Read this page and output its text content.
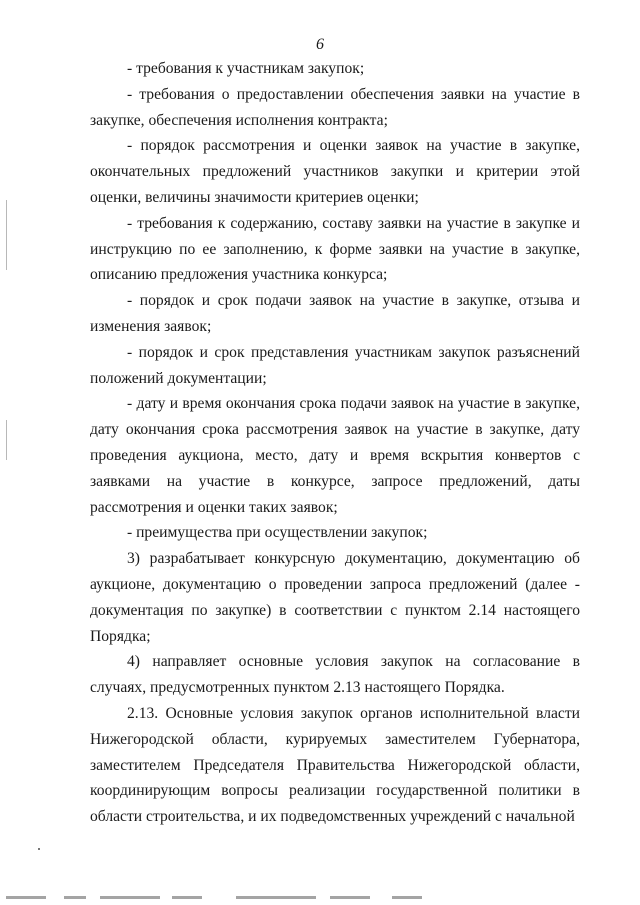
6

- требования к участникам закупок;

- требования о предоставлении обеспечения заявки на участие в закупке, обеспечения исполнения контракта;

- порядок рассмотрения и оценки заявок на участие в закупке, окончательных предложений участников закупки и критерии этой оценки, величины значимости критериев оценки;

- требования к содержанию, составу заявки на участие в закупке и инструкцию по ее заполнению, к форме заявки на участие в закупке, описанию предложения участника конкурса;

- порядок и срок подачи заявок на участие в закупке, отзыва и изменения заявок;

- порядок и срок представления участникам закупок разъяснений положений документации;

- дату и время окончания срока подачи заявок на участие в закупке, дату окончания срока рассмотрения заявок на участие в закупке, дату проведения аукциона, место, дату и время вскрытия конвертов с заявками на участие в конкурсе, запросе предложений, даты рассмотрения и оценки таких заявок;

- преимущества при осуществлении закупок;

3) разрабатывает конкурсную документацию, документацию об аукционе, документацию о проведении запроса предложений (далее - документация по закупке) в соответствии с пунктом 2.14 настоящего Порядка;

4) направляет основные условия закупок на согласование в случаях, предусмотренных пунктом 2.13 настоящего Порядка.

2.13. Основные условия закупок органов исполнительной власти Нижегородской области, курируемых заместителем Губернатора, заместителем Председателя Правительства Нижегородской области, координирующим вопросы реализации государственной политики в области строительства, и их подведомственных учреждений с начальной
